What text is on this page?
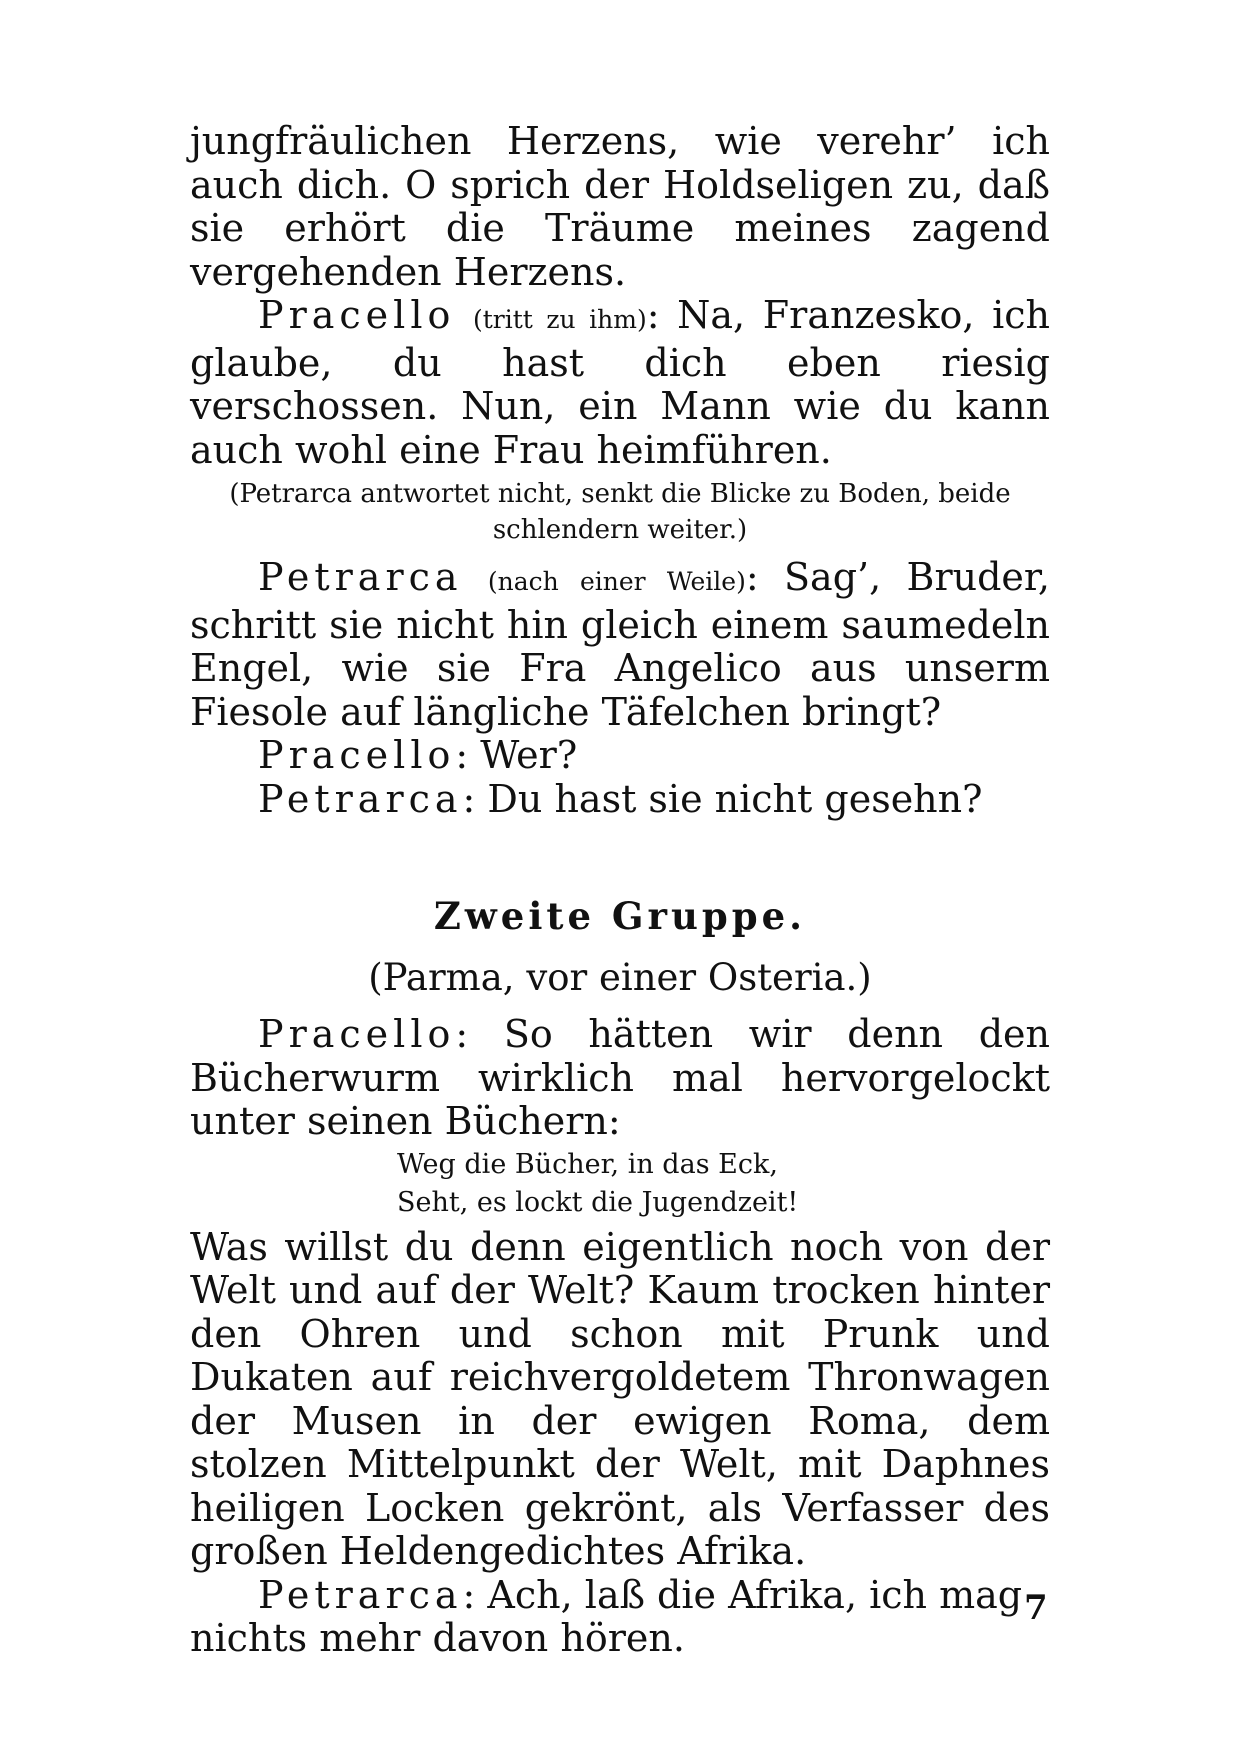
jungfräulichen Herzens, wie verehr’ ich auch dich. O sprich der Holdseligen zu, daß sie erhört die Träume meines zagend vergehenden Herzens.

Pracello (tritt zu ihm): Na, Franzesko, ich glaube, du hast dich eben riesig verschossen. Nun, ein Mann wie du kann auch wohl eine Frau heimführen.

(Petrarca antwortet nicht, senkt die Blicke zu Boden, beide schlendern weiter.)

Petrarca (nach einer Weile): Sag’, Bruder, schritt sie nicht hin gleich einem saumedeln Engel, wie sie Fra Angelico aus unserm Fiesole auf längliche Täfelchen bringt?

Pracello: Wer?

Petrarca: Du hast sie nicht gesehn?

Zweite Gruppe.

(Parma, vor einer Osteria.)

Pracello: So hätten wir denn den Bücherwurm wirklich mal hervorgelockt unter seinen Büchern:

Weg die Bücher, in das Eck,
Seht, es lockt die Jugendzeit!

Was willst du denn eigentlich noch von der Welt und auf der Welt? Kaum trocken hinter den Ohren und schon mit Prunk und Dukaten auf reichvergoldetem Thronwagen der Musen in der ewigen Roma, dem stolzen Mittelpunkt der Welt, mit Daphnes heiligen Locken gekrönt, als Verfasser des großen Heldengedichtes Afrika.

Petrarca: Ach, laß die Afrika, ich mag nichts mehr davon hören.

7
